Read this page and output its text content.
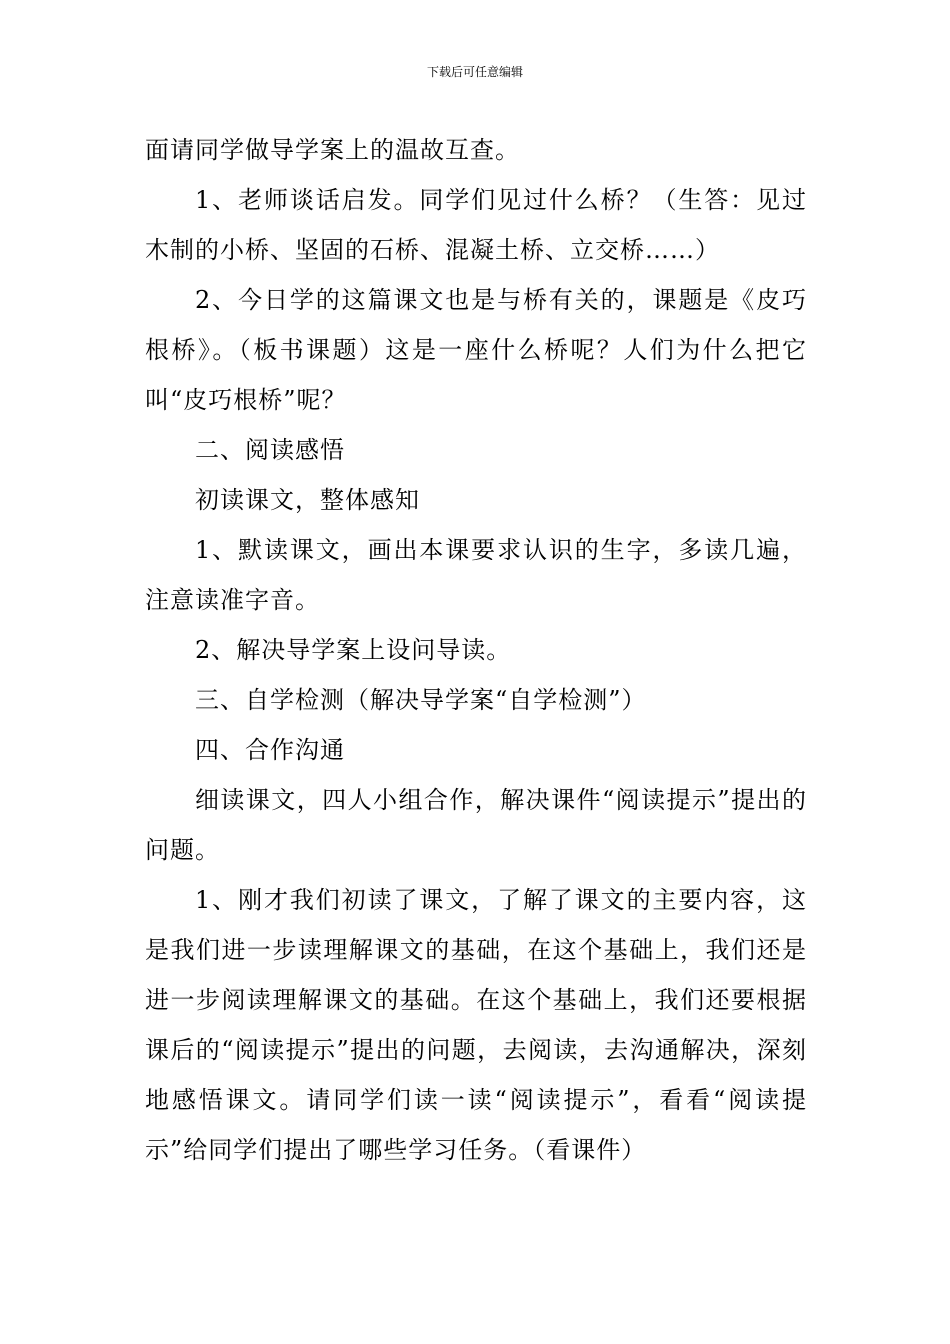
下载后可任意编辑

面请同学做导学案上的温故互查。

1、老师谈话启发。同学们见过什么桥？（生答：见过木制的小桥、坚固的石桥、混凝土桥、立交桥……）

2、今日学的这篇课文也是与桥有关的，课题是《皮巧根桥》。（板书课题）这是一座什么桥呢？人们为什么把它叫“皮巧根桥”呢？

二、阅读感悟

初读课文，整体感知

1、默读课文，画出本课要求认识的生字，多读几遍，注意读准字音。

2、解决导学案上设问导读。

三、自学检测（解决导学案“自学检测”）

四、合作沟通

细读课文，四人小组合作，解决课件“阅读提示”提出的问题。

1、刚才我们初读了课文，了解了课文的主要内容，这是我们进一步读理解课文的基础，在这个基础上，我们还是进一步阅读理解课文的基础。在这个基础上，我们还要根据课后的“阅读提示”提出的问题，去阅读，去沟通解决，深刻地感悟课文。请同学们读一读“阅读提示”，看看“阅读提示”给同学们提出了哪些学习任务。（看课件）
